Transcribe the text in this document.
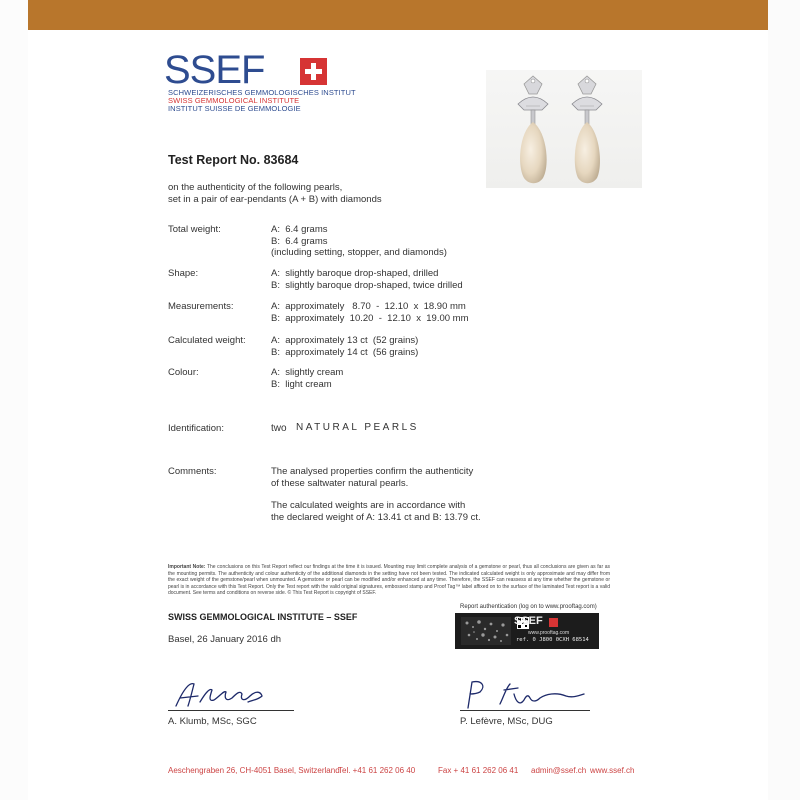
SSEF
SCHWEIZERISCHES GEMMOLOGISCHES INSTITUT
SWISS GEMMOLOGICAL INSTITUTE
INSTITUT SUISSE DE GEMMOLOGIE
Test Report No. 83684
on the authenticity of the following pearls,
set in a pair of ear-pendants (A + B) with diamonds
Total weight:	A:  6.4 grams
B:  6.4 grams
(including setting, stopper, and diamonds)
Shape:	A:  slightly baroque drop-shaped, drilled
B:  slightly baroque drop-shaped, twice drilled
Measurements:	A:  approximately   8.70  -  12.10  x  18.90 mm
B:  approximately  10.20  -  12.10  x  19.00 mm
Calculated weight:	A:  approximately 13 ct  (52 grains)
B:  approximately 14 ct  (56 grains)
Colour:	A:  slightly cream
B:  light cream
Identification:	two NATURAL PEARLS
Comments:	The analysed properties confirm the authenticity
of these saltwater natural pearls.
The calculated weights are in accordance with
the declared weight of A: 13.41 ct and B: 13.79 ct.
Important Note: The conclusions on this Test Report reflect our findings at the time it is issued. Mounting may limit complete analysis of a gemstone or pearl, thus all conclusions are given as far as the mounting permits. The authenticity and colour authenticity of the additional diamonds in the setting have not been tested. The indicated calculated weight is only approximate and may differ from the exact weight of the gemstone/pearl when unmounted. A gemstone or pearl can be modified and/or enhanced at any time. Therefore, the SSEF can reassess at any time whether the gemstone or pearl is in accordance with this Test Report. Only the Test report with the valid original signatures, embossed stamp and Proof Tag™ label affixed on to the surface of the laminated Test report is a valid document. See terms and conditions on reverse side. © This Test Report is copyright of SSEF.
SWISS GEMMOLOGICAL INSTITUTE – SSEF
Basel, 26 January 2016 dh
Report authentication (log on to www.prooftag.com)
SSEF
www.prooftag.com
ref. 0 J800 0CXH 68514
A. Klumb, MSc, SGC	P. Lefèvre, MSc, DUG
Aeschengraben 26, CH-4051 Basel, Switzerland
Tel. +41 61 262 06 40	Fax + 41 61 262 06 41 admin@ssef.ch www.ssef.ch
